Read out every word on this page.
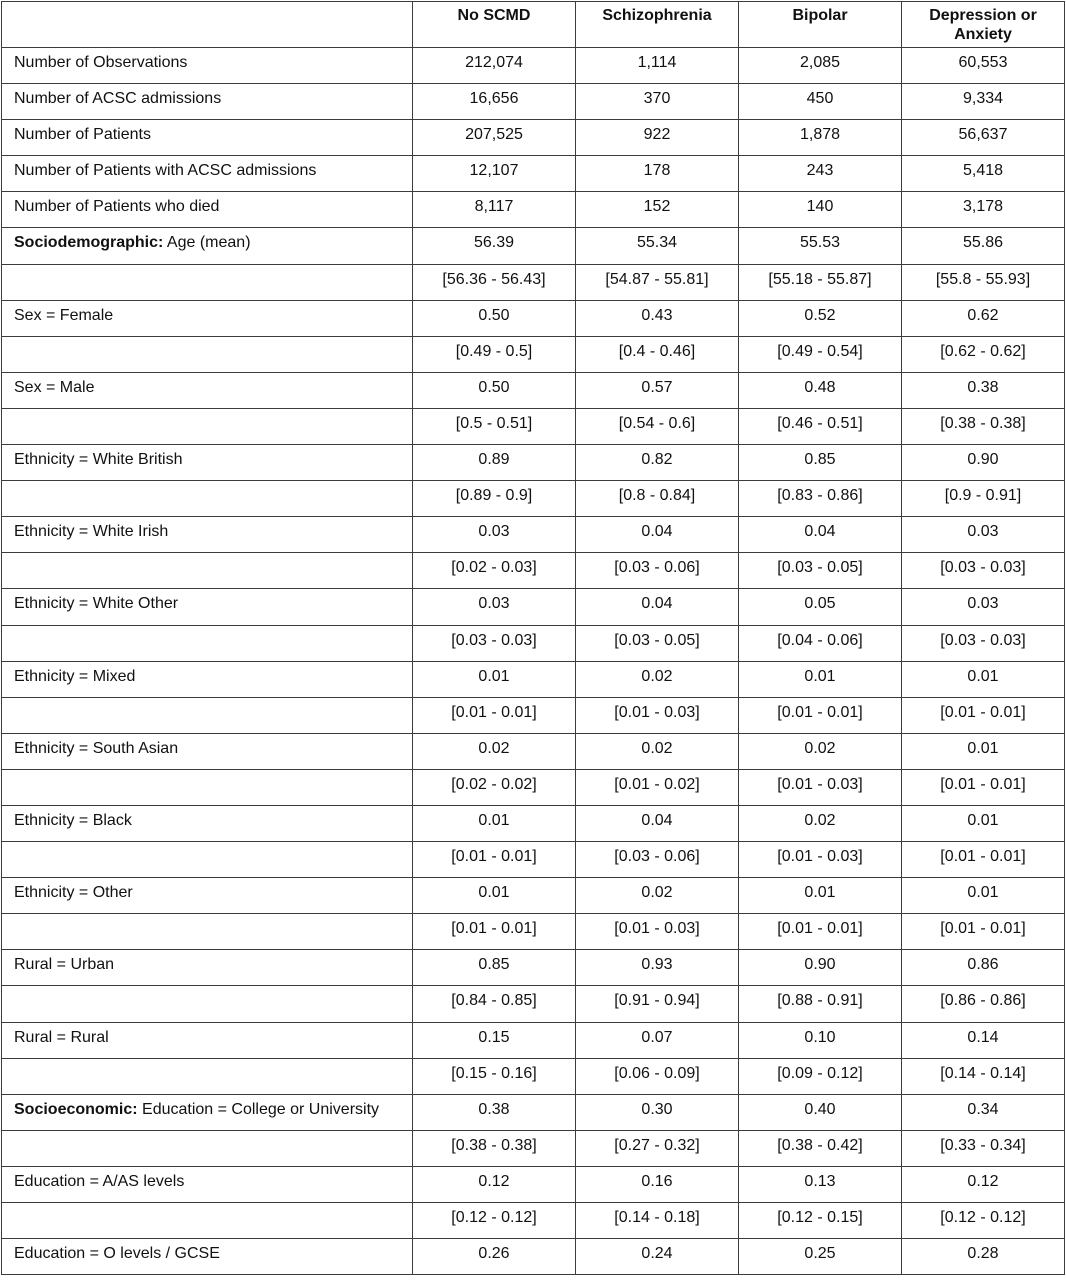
	No SCMD	Schizophrenia	Bipolar	Depression or Anxiety
Number of Observations	212,074	1,114	2,085	60,553
Number of ACSC admissions	16,656	370	450	9,334
Number of Patients	207,525	922	1,878	56,637
Number of Patients with ACSC admissions	12,107	178	243	5,418
Number of Patients who died	8,117	152	140	3,178
Sociodemographic: Age (mean)	56.39	55.34	55.53	55.86
	[56.36 - 56.43]	[54.87 - 55.81]	[55.18 - 55.87]	[55.8 - 55.93]
Sex = Female	0.50	0.43	0.52	0.62
	[0.49 - 0.5]	[0.4 - 0.46]	[0.49 - 0.54]	[0.62 - 0.62]
Sex = Male	0.50	0.57	0.48	0.38
	[0.5 - 0.51]	[0.54 - 0.6]	[0.46 - 0.51]	[0.38 - 0.38]
Ethnicity = White British	0.89	0.82	0.85	0.90
	[0.89 - 0.9]	[0.8 - 0.84]	[0.83 - 0.86]	[0.9 - 0.91]
Ethnicity = White Irish	0.03	0.04	0.04	0.03
	[0.02 - 0.03]	[0.03 - 0.06]	[0.03 - 0.05]	[0.03 - 0.03]
Ethnicity = White Other	0.03	0.04	0.05	0.03
	[0.03 - 0.03]	[0.03 - 0.05]	[0.04 - 0.06]	[0.03 - 0.03]
Ethnicity = Mixed	0.01	0.02	0.01	0.01
	[0.01 - 0.01]	[0.01 - 0.03]	[0.01 - 0.01]	[0.01 - 0.01]
Ethnicity = South Asian	0.02	0.02	0.02	0.01
	[0.02 - 0.02]	[0.01 - 0.02]	[0.01 - 0.03]	[0.01 - 0.01]
Ethnicity = Black	0.01	0.04	0.02	0.01
	[0.01 - 0.01]	[0.03 - 0.06]	[0.01 - 0.03]	[0.01 - 0.01]
Ethnicity = Other	0.01	0.02	0.01	0.01
	[0.01 - 0.01]	[0.01 - 0.03]	[0.01 - 0.01]	[0.01 - 0.01]
Rural = Urban	0.85	0.93	0.90	0.86
	[0.84 - 0.85]	[0.91 - 0.94]	[0.88 - 0.91]	[0.86 - 0.86]
Rural = Rural	0.15	0.07	0.10	0.14
	[0.15 - 0.16]	[0.06 - 0.09]	[0.09 - 0.12]	[0.14 - 0.14]
Socioeconomic: Education = College or University	0.38	0.30	0.40	0.34
	[0.38 - 0.38]	[0.27 - 0.32]	[0.38 - 0.42]	[0.33 - 0.34]
Education = A/AS levels	0.12	0.16	0.13	0.12
	[0.12 - 0.12]	[0.14 - 0.18]	[0.12 - 0.15]	[0.12 - 0.12]
Education = O levels / GCSE	0.26	0.24	0.25	0.28
